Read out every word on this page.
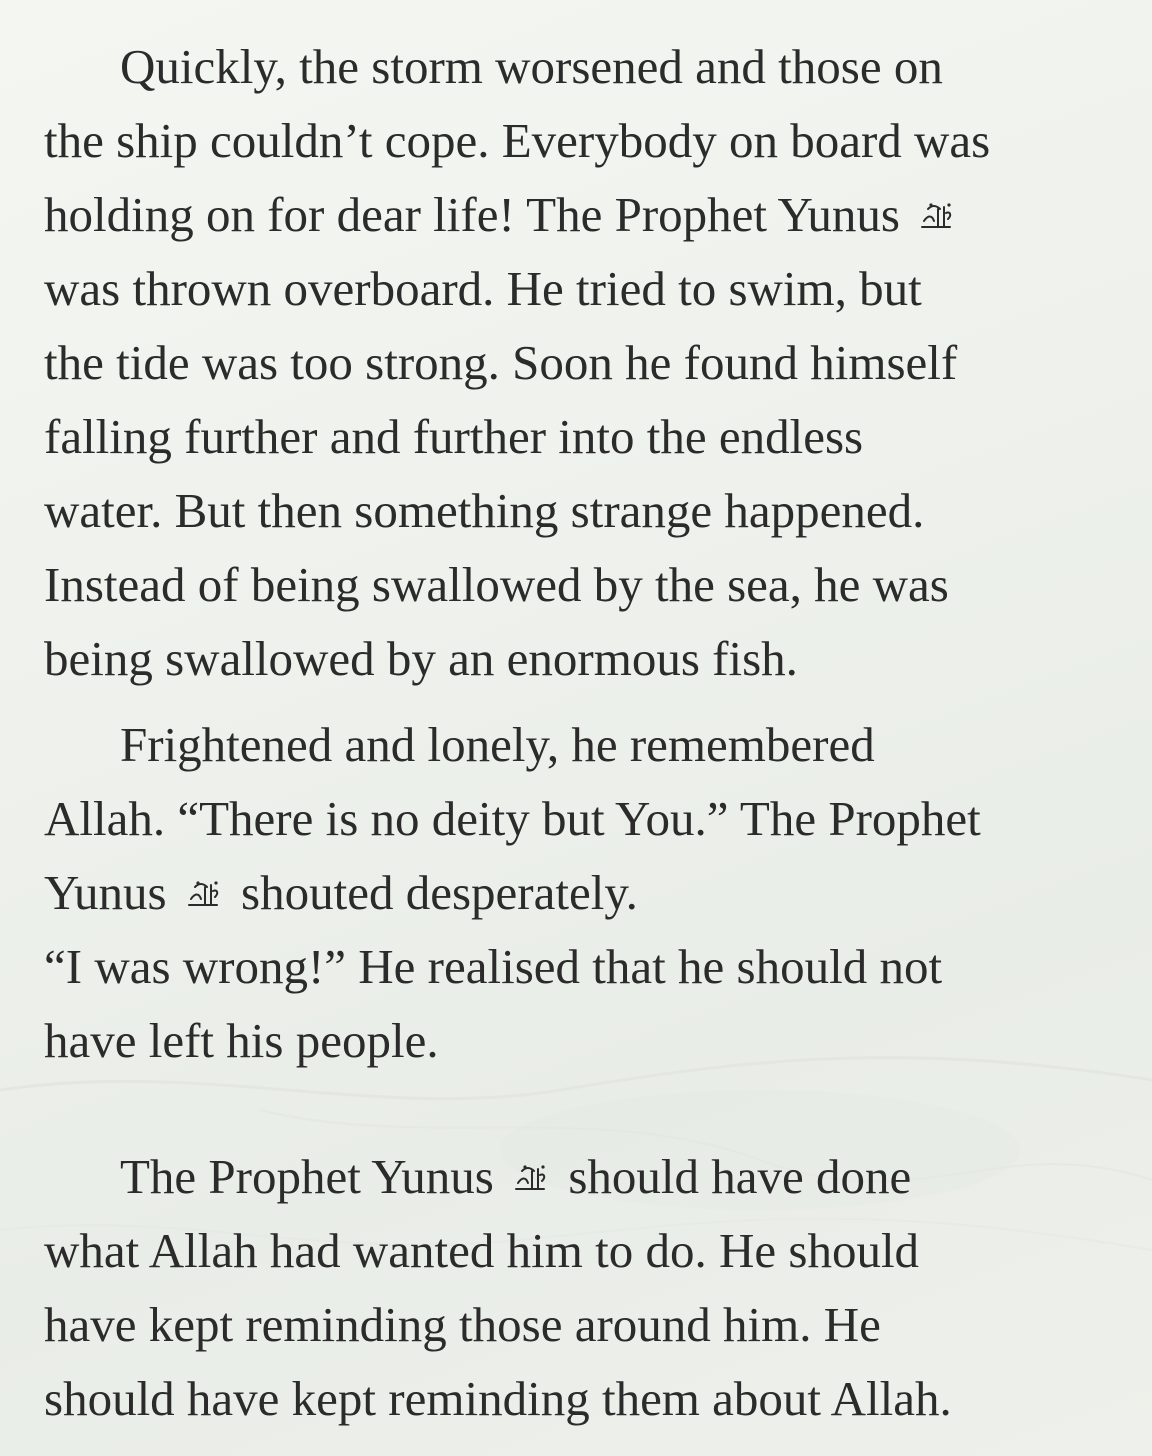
Quickly, the storm worsened and those on
the ship couldn’t cope. Everybody on board was
holding on for dear life! The Prophet Yunus
was thrown overboard. He tried to swim, but
the tide was too strong. Soon he found himself
falling further and further into the endless
water. But then something strange happened.
Instead of being swallowed by the sea, he was
being swallowed by an enormous fish.
Frightened and lonely, he remembered
Allah. “There is no deity but You.” The Prophet
Yunus shouted desperately.
“I was wrong!” He realised that he should not
have left his people.
The Prophet Yunus should have done
what Allah had wanted him to do. He should
have kept reminding those around him. He
should have kept reminding them about Allah.
